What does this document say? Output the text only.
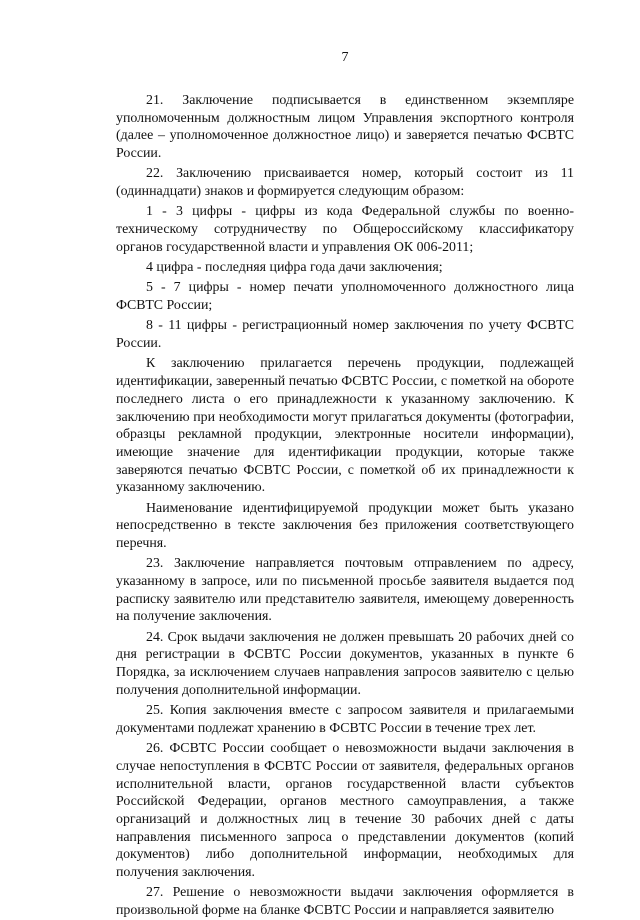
7

21. Заключение подписывается в единственном экземпляре уполномоченным должностным лицом Управления экспортного контроля (далее – уполномоченное должностное лицо) и заверяется печатью ФСВТС России.

22. Заключению присваивается номер, который состоит из 11 (одиннадцати) знаков и формируется следующим образом:

1 - 3 цифры - цифры из кода Федеральной службы по военно-техническому сотрудничеству по Общероссийскому классификатору органов государственной власти и управления ОК 006-2011;

4 цифра - последняя цифра года дачи заключения;

5 - 7 цифры - номер печати уполномоченного должностного лица ФСВТС России;

8 - 11 цифры - регистрационный номер заключения по учету ФСВТС России.

К заключению прилагается перечень продукции, подлежащей идентификации, заверенный печатью ФСВТС России, с пометкой на обороте последнего листа о его принадлежности к указанному заключению. К заключению при необходимости могут прилагаться документы (фотографии, образцы рекламной продукции, электронные носители информации), имеющие значение для идентификации продукции, которые также заверяются печатью ФСВТС России, с пометкой об их принадлежности к указанному заключению.

Наименование идентифицируемой продукции может быть указано непосредственно в тексте заключения без приложения соответствующего перечня.

23. Заключение направляется почтовым отправлением по адресу, указанному в запросе, или по письменной просьбе заявителя выдается под расписку заявителю или представителю заявителя, имеющему доверенность на получение заключения.

24. Срок выдачи заключения не должен превышать 20 рабочих дней со дня регистрации в ФСВТС России документов, указанных в пункте 6 Порядка, за исключением случаев направления запросов заявителю с целью получения дополнительной информации.

25. Копия заключения вместе с запросом заявителя и прилагаемыми документами подлежат хранению в ФСВТС России в течение трех лет.

26. ФСВТС России сообщает о невозможности выдачи заключения в случае непоступления в ФСВТС России от заявителя, федеральных органов исполнительной власти, органов государственной власти субъектов Российской Федерации, органов местного самоуправления, а также организаций и должностных лиц в течение 30 рабочих дней с даты направления письменного запроса о представлении документов (копий документов) либо дополнительной информации, необходимых для получения заключения.

27. Решение о невозможности выдачи заключения оформляется в произвольной форме на бланке ФСВТС России и направляется заявителю
